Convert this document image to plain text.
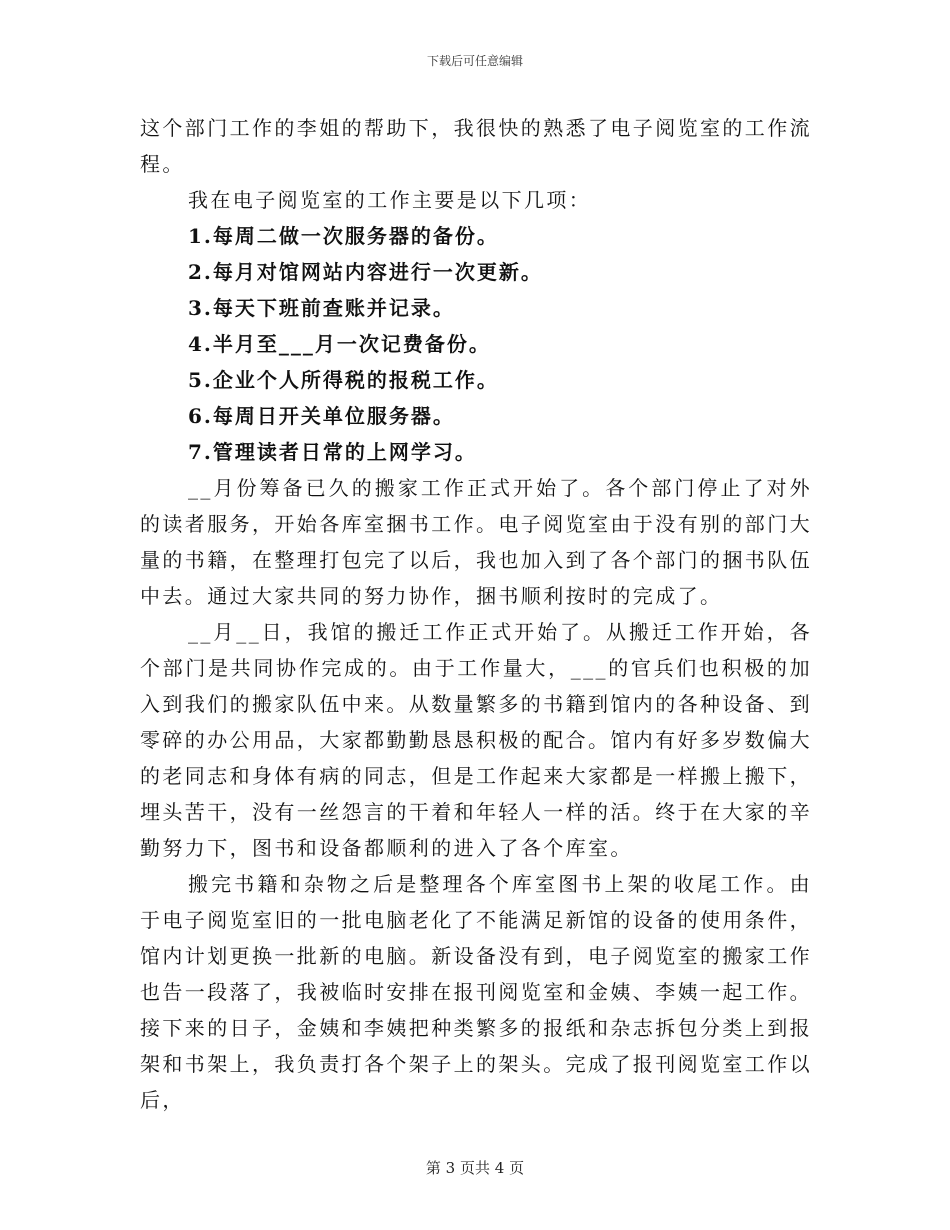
下载后可任意编辑

这个部门工作的李姐的帮助下，我很快的熟悉了电子阅览室的工作流程。

我在电子阅览室的工作主要是以下几项：

1.每周二做一次服务器的备份。

2.每月对馆网站内容进行一次更新。

3.每天下班前查账并记录。

4.半月至___月一次记费备份。

5.企业个人所得税的报税工作。

6.每周日开关单位服务器。

7.管理读者日常的上网学习。

__月份筹备已久的搬家工作正式开始了。各个部门停止了对外的读者服务，开始各库室捆书工作。电子阅览室由于没有别的部门大量的书籍，在整理打包完了以后，我也加入到了各个部门的捆书队伍中去。通过大家共同的努力协作，捆书顺利按时的完成了。

__月__日，我馆的搬迁工作正式开始了。从搬迁工作开始，各个部门是共同协作完成的。由于工作量大，___的官兵们也积极的加入到我们的搬家队伍中来。从数量繁多的书籍到馆内的各种设备、到零碎的办公用品，大家都勤勤恳恳积极的配合。馆内有好多岁数偏大的老同志和身体有病的同志，但是工作起来大家都是一样搬上搬下，埋头苦干，没有一丝怨言的干着和年轻人一样的活。终于在大家的辛勤努力下，图书和设备都顺利的进入了各个库室。

搬完书籍和杂物之后是整理各个库室图书上架的收尾工作。由于电子阅览室旧的一批电脑老化了不能满足新馆的设备的使用条件，馆内计划更换一批新的电脑。新设备没有到，电子阅览室的搬家工作也告一段落了，我被临时安排在报刊阅览室和金姨、李姨一起工作。接下来的日子，金姨和李姨把种类繁多的报纸和杂志拆包分类上到报架和书架上，我负责打各个架子上的架头。完成了报刊阅览室工作以后，

第 3 页共 4 页
